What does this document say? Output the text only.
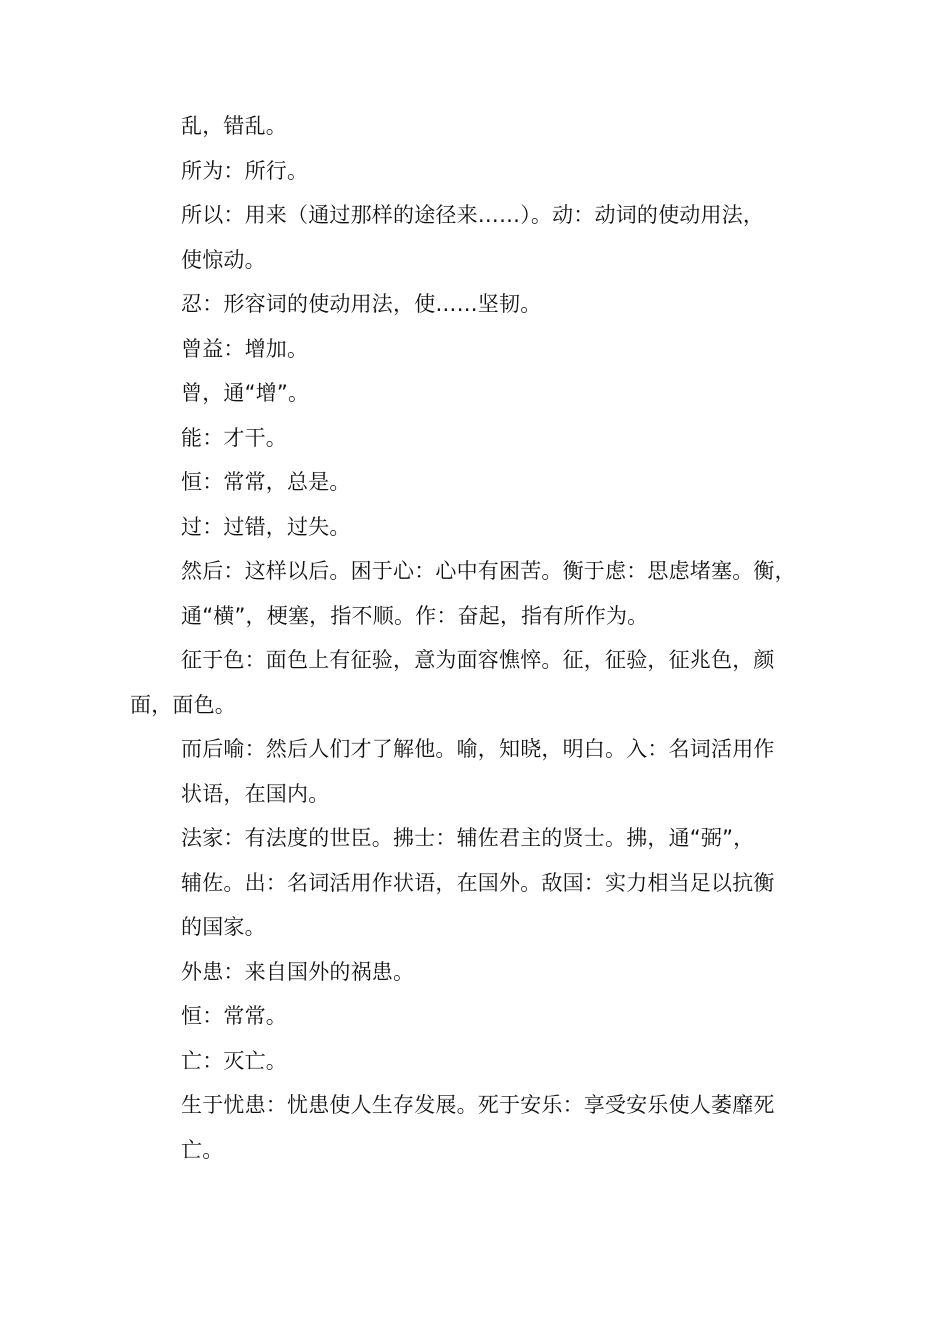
乱，错乱。
所为：所行。
所以：用来（通过那样的途径来……）。动：动词的使动用法，
使惊动。
忍：形容词的使动用法，使……坚韧。
曾益：增加。
曾，通“增”。
能：才干。
恒：常常，总是。
过：过错，过失。
然后：这样以后。困于心：心中有困苦。衡于虑：思虑堵塞。衡，
通“横”，梗塞，指不顺。作：奋起，指有所作为。
征于色：面色上有征验，意为面容憔悴。征，征验，征兆色，颜
面，面色。
而后喻：然后人们才了解他。喻，知晓，明白。入：名词活用作
状语，在国内。
法家：有法度的世臣。拂士：辅佐君主的贤士。拂，通“弼”，
辅佐。出：名词活用作状语，在国外。敌国：实力相当足以抗衡
的国家。
外患：来自国外的祸患。
恒：常常。
亡：灭亡。
生于忧患：忧患使人生存发展。死于安乐：享受安乐使人萎靡死
亡。
